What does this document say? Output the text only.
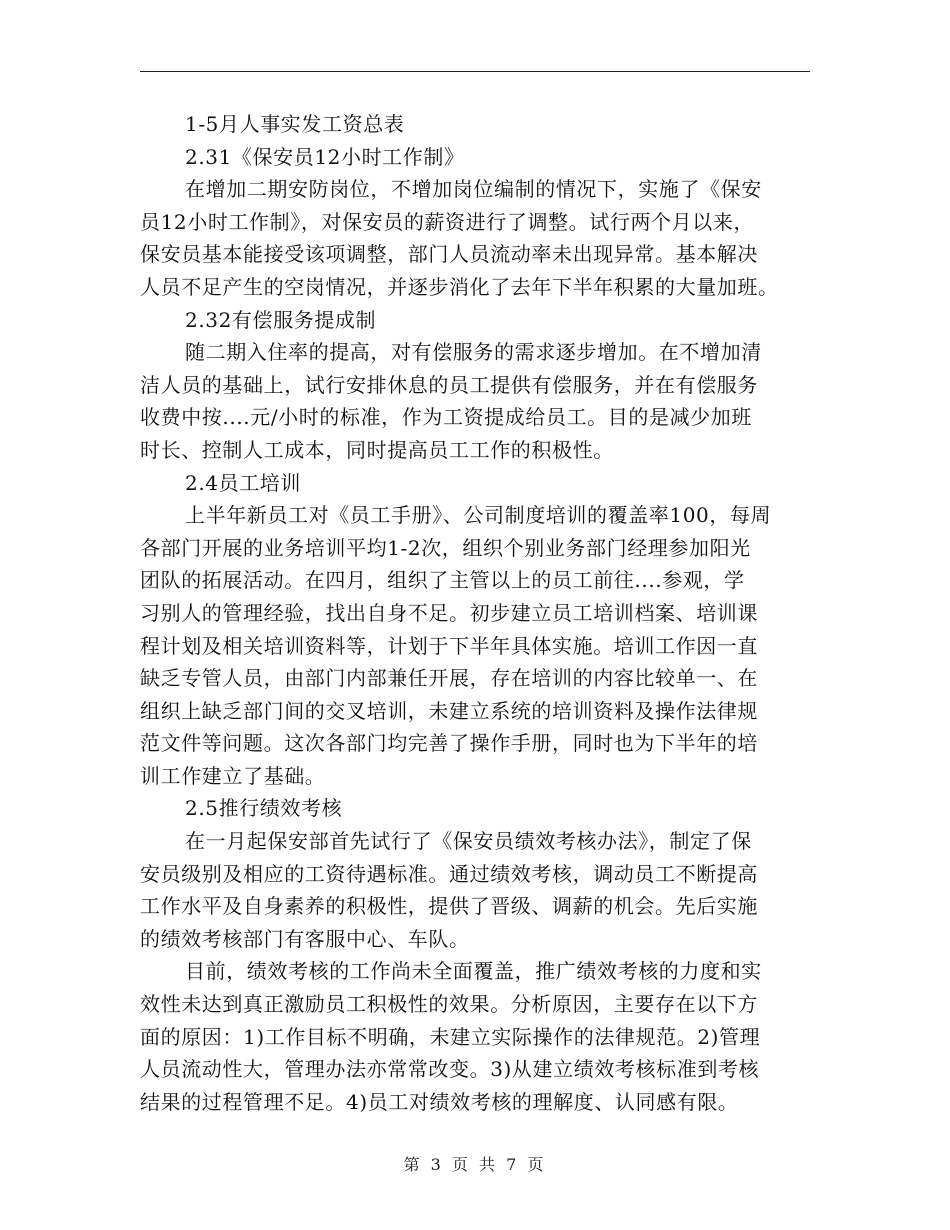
1-5月人事实发工资总表
2.31《保安员12小时工作制》
在增加二期安防岗位，不增加岗位编制的情况下，实施了《保安
员12小时工作制》，对保安员的薪资进行了调整。试行两个月以来，
保安员基本能接受该项调整，部门人员流动率未出现异常。基本解决
人员不足产生的空岗情况，并逐步消化了去年下半年积累的大量加班。
2.32有偿服务提成制
随二期入住率的提高，对有偿服务的需求逐步增加。在不增加清
洁人员的基础上，试行安排休息的员工提供有偿服务，并在有偿服务
收费中按....元/小时的标准，作为工资提成给员工。目的是减少加班
时长、控制人工成本，同时提高员工工作的积极性。
2.4员工培训
上半年新员工对《员工手册》、公司制度培训的覆盖率100，每周
各部门开展的业务培训平均1-2次，组织个别业务部门经理参加阳光
团队的拓展活动。在四月，组织了主管以上的员工前往....参观，学
习别人的管理经验，找出自身不足。初步建立员工培训档案、培训课
程计划及相关培训资料等，计划于下半年具体实施。培训工作因一直
缺乏专管人员，由部门内部兼任开展，存在培训的内容比较单一、在
组织上缺乏部门间的交叉培训，未建立系统的培训资料及操作法律规
范文件等问题。这次各部门均完善了操作手册，同时也为下半年的培
训工作建立了基础。
2.5推行绩效考核
在一月起保安部首先试行了《保安员绩效考核办法》，制定了保
安员级别及相应的工资待遇标准。通过绩效考核，调动员工不断提高
工作水平及自身素养的积极性，提供了晋级、调薪的机会。先后实施
的绩效考核部门有客服中心、车队。
目前，绩效考核的工作尚未全面覆盖，推广绩效考核的力度和实
效性未达到真正激励员工积极性的效果。分析原因，主要存在以下方
面的原因：1)工作目标不明确，未建立实际操作的法律规范。2)管理
人员流动性大，管理办法亦常常改变。3)从建立绩效考核标准到考核
结果的过程管理不足。4)员工对绩效考核的理解度、认同感有限。
第 3 页 共 7 页
